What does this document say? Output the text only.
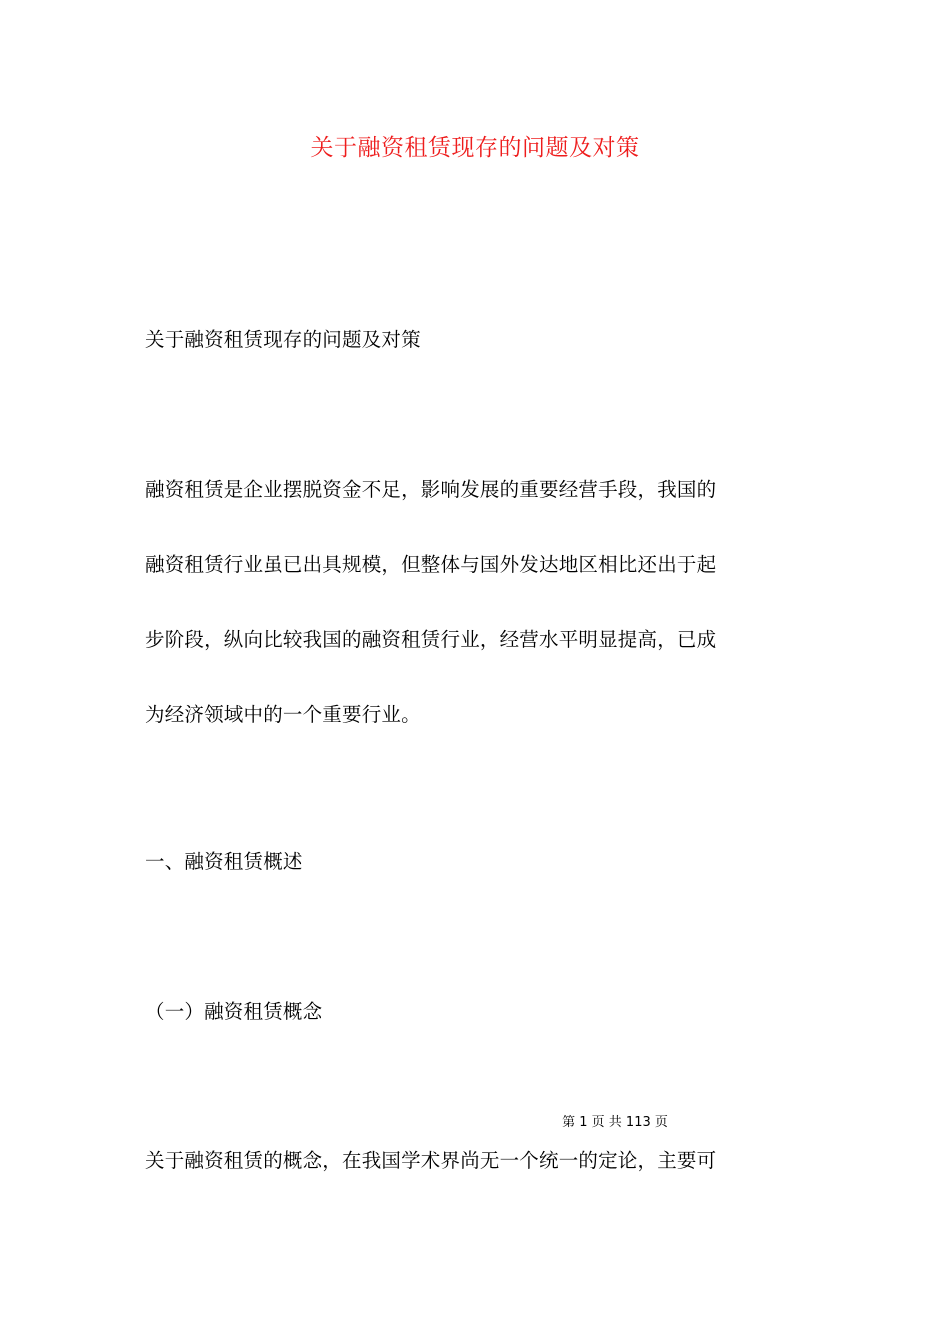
关于融资租赁现存的问题及对策
关于融资租赁现存的问题及对策
融资租赁是企业摆脱资金不足，影响发展的重要经营手段，我国的
融资租赁行业虽已出具规模，但整体与国外发达地区相比还出于起
步阶段，纵向比较我国的融资租赁行业，经营水平明显提高，已成
为经济领域中的一个重要行业。
一、融资租赁概述
（一）融资租赁概念
第 1 页 共 113 页
关于融资租赁的概念，在我国学术界尚无一个统一的定论，主要可
